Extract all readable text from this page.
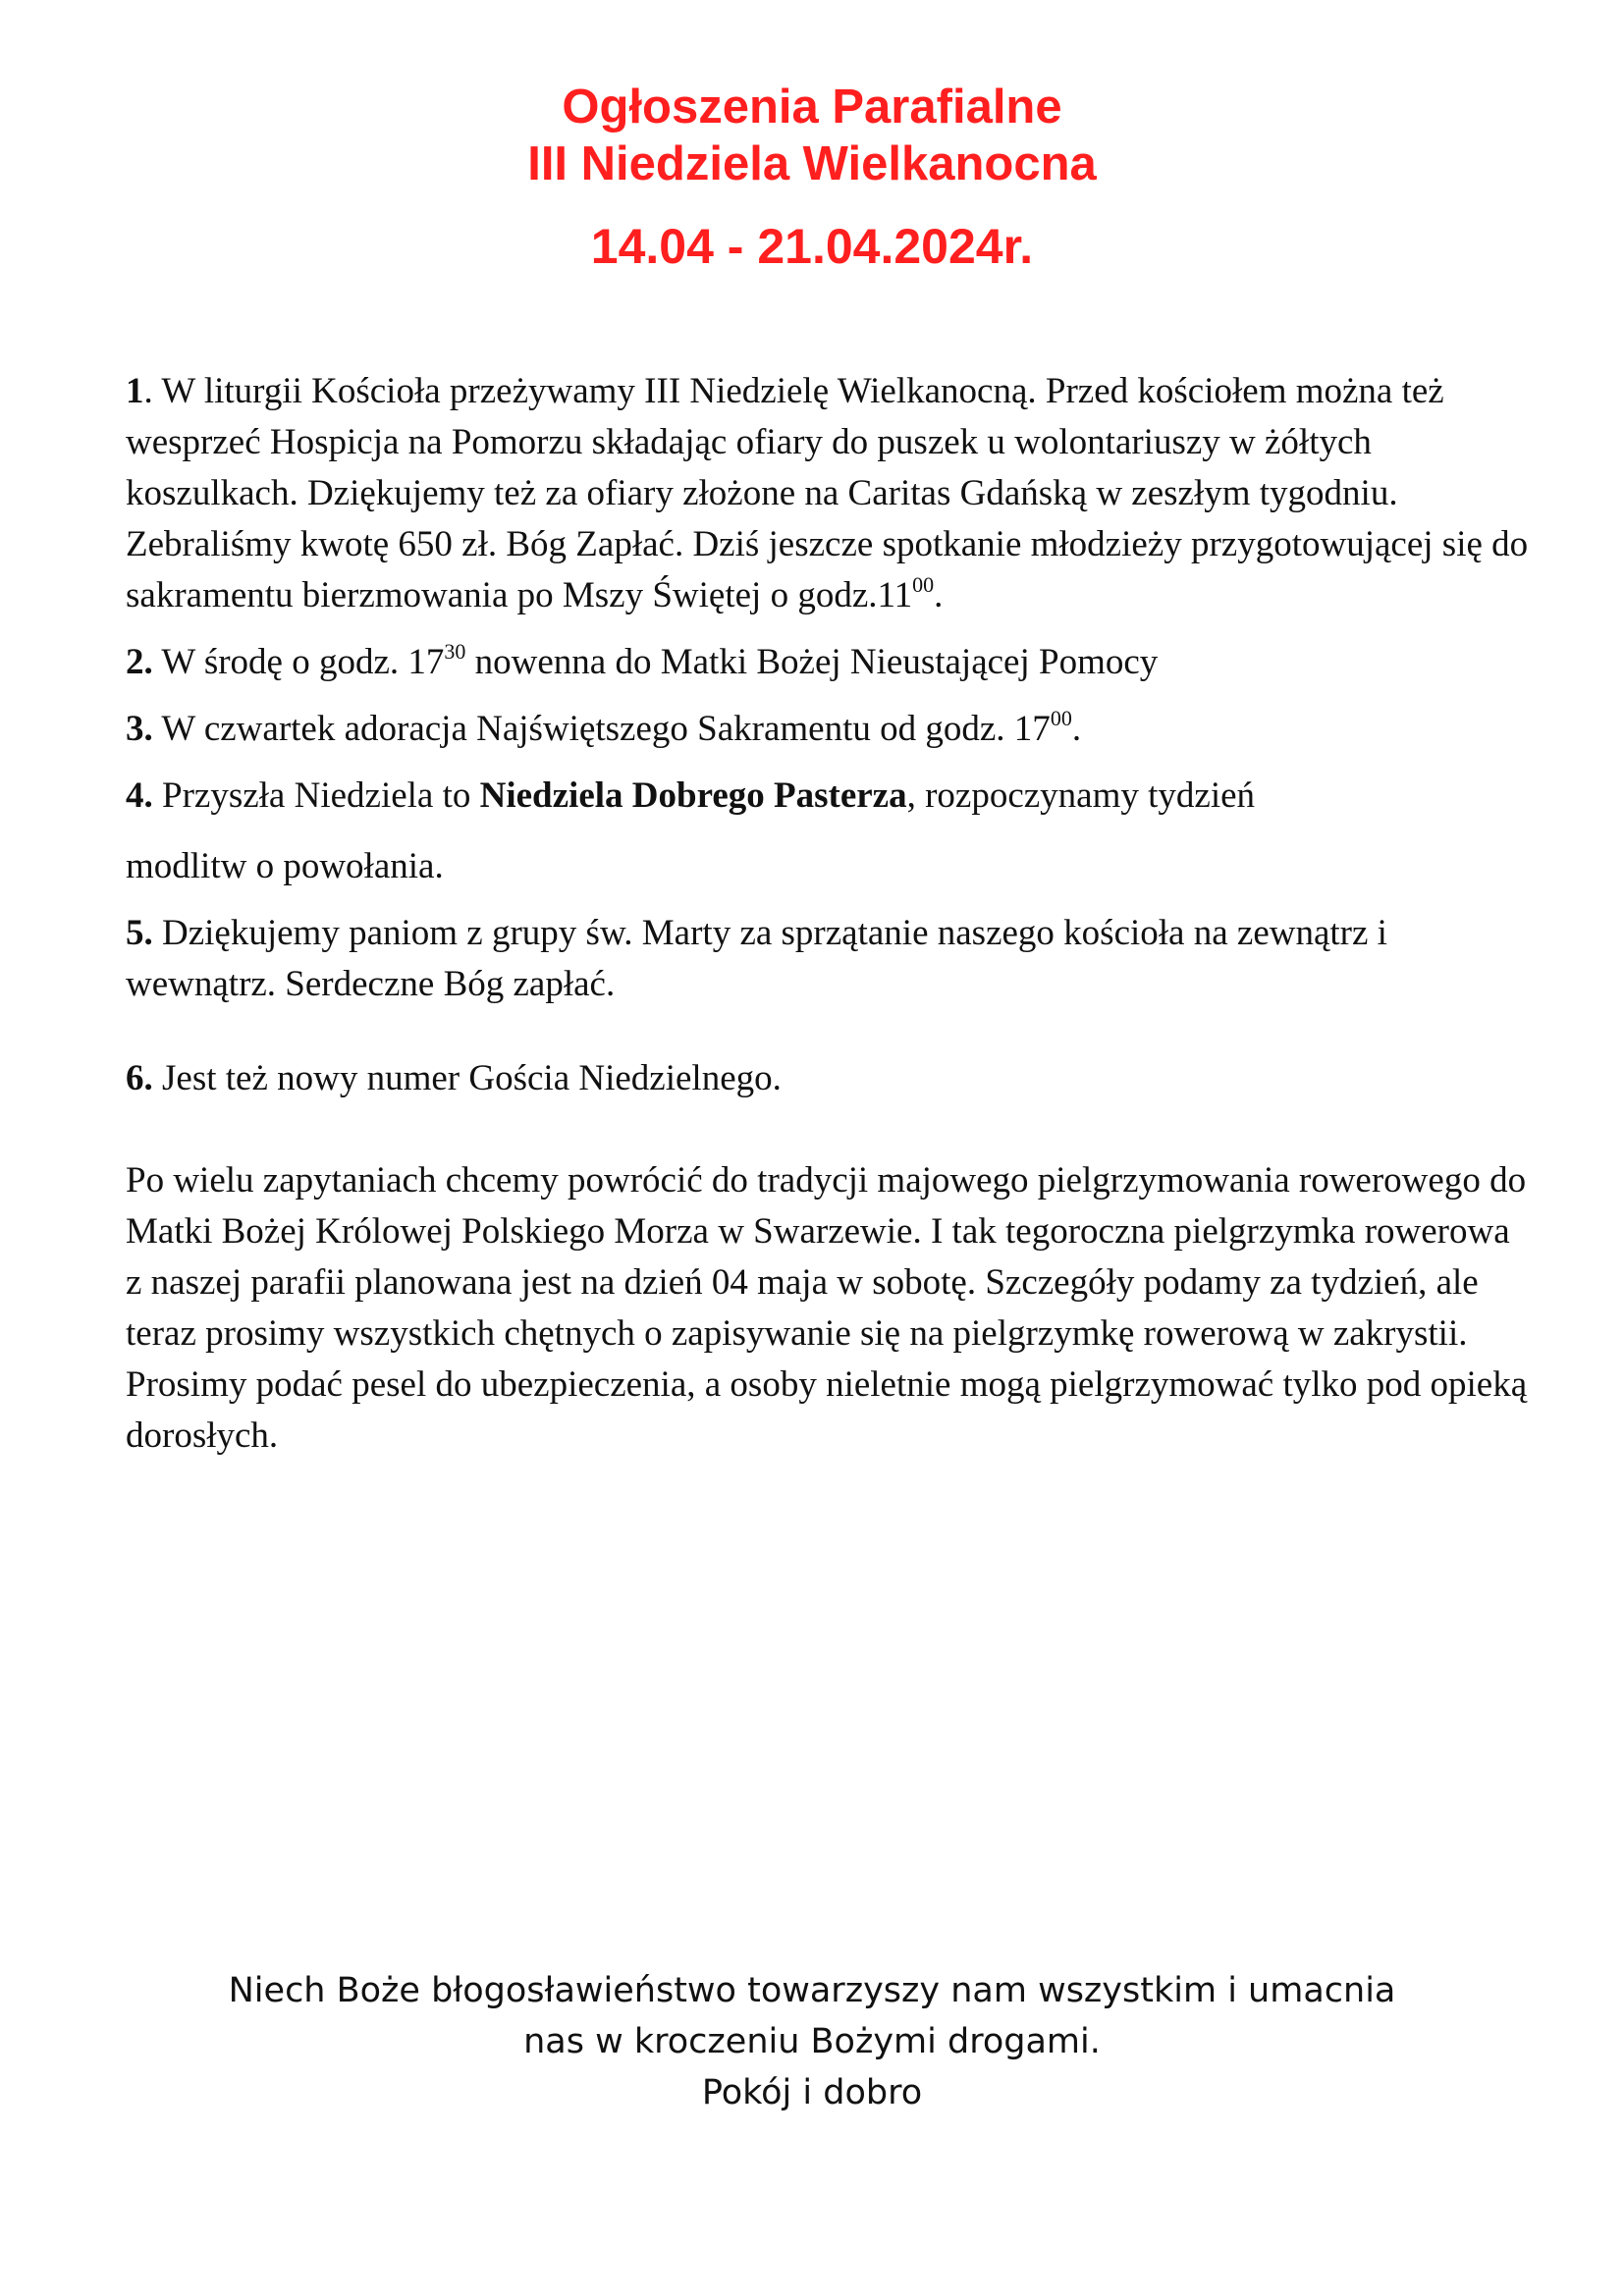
Ogłoszenia Parafialne
III Niedziela Wielkanocna
14.04 - 21.04.2024r.

1. W liturgii Kościoła przeżywamy III Niedzielę Wielkanocną. Przed kościołem można też wesprzeć Hospicja na Pomorzu składając ofiary do puszek u wolontariuszy w żółtych koszulkach. Dziękujemy też za ofiary złożone na Caritas Gdańską w zeszłym tygodniu. Zebraliśmy kwotę 650 zł. Bóg Zapłać. Dziś jeszcze spotkanie młodzieży przygotowującej się do sakramentu bierzmowania po Mszy Świętej o $godz.11^{00}$.

2. W środę o godz. $17^{30}$ nowenna do Matki Bożej Nieustającej Pomocy

3. W czwartek adoracja Najświętszego Sakramentu od godz. $17^{00}$.

4. Przyszła Niedziela to Niedziela Dobrego Pasterza, rozpoczynamy tydzień
modlitw o powołania.

5. Dziękujemy paniom z grupy św. Marty za sprzątanie naszego kościoła na zewnątrz i wewnątrz. Serdeczne Bóg zapłać.

6. Jest też nowy numer Gościa Niedzielnego.

Po wielu zapytaniach chcemy powrócić do tradycji majowego pielgrzymowania rowerowego do Matki Bożej Królowej Polskiego Morza w Swarzewie. I tak tegoroczna pielgrzymka rowerowa z naszej parafii planowana jest na dzień 04 maja w sobotę. Szczegóły podamy za tydzień, ale teraz prosimy wszystkich chętnych o zapisywanie się na pielgrzymkę rowerową w zakrystii. Prosimy podać pesel do ubezpieczenia, a osoby nieletnie mogą pielgrzymować tylko pod opieką dorosłych.

Niech Boże błogosławieństwo towarzyszy nam wszystkim i umacnia
nas w kroczeniu Bożymi drogami.
Pokój i dobro
